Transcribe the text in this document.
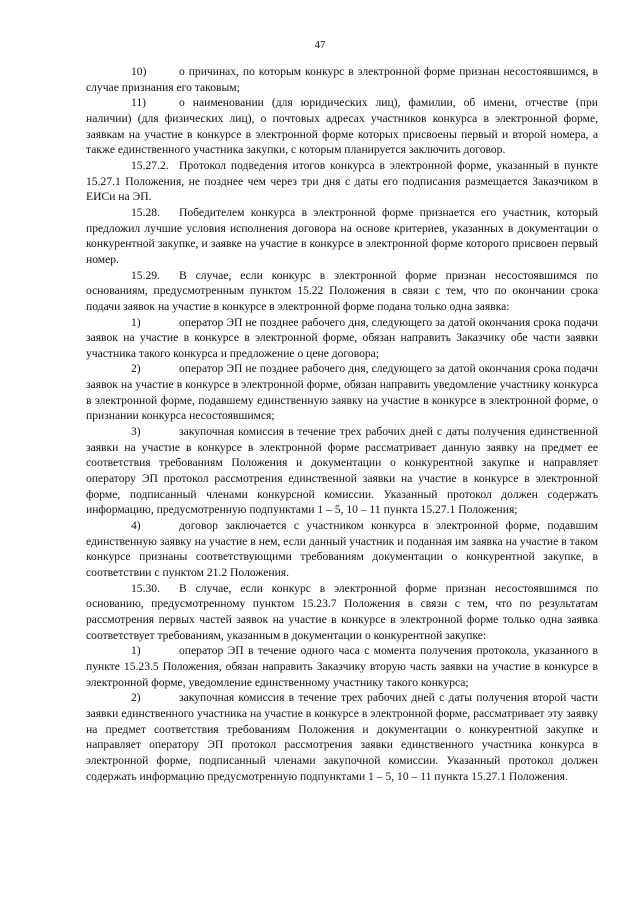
47

10)	о причинах, по которым конкурс в электронной форме признан несостоявшимся, в случае признания его таковым;

11)	о наименовании (для юридических лиц), фамилии, об имени, отчестве (при наличии) (для физических лиц), о почтовых адресах участников конкурса в электронной форме, заявкам на участие в конкурсе в электронной форме которых присвоены первый и второй номера, а также единственного участника закупки, с которым планируется заключить договор.

15.27.2. Протокол подведения итогов конкурса в электронной форме, указанный в пункте 15.27.1 Положения, не позднее чем через три дня с даты его подписания размещается Заказчиком в ЕИСи на ЭП.

15.28. Победителем конкурса в электронной форме признается его участник, который предложил лучшие условия исполнения договора на основе критериев, указанных в документации о конкурентной закупке, и заявке на участие в конкурсе в электронной форме которого присвоен первый номер.

15.29. В случае, если конкурс в электронной форме признан несостоявшимся по основаниям, предусмотренным пунктом 15.22 Положения в связи с тем, что по окончании срока подачи заявок на участие в конкурсе в электронной форме подана только одна заявка:

1)	оператор ЭП не позднее рабочего дня, следующего за датой окончания срока подачи заявок на участие в конкурсе в электронной форме, обязан направить Заказчику обе части заявки участника такого конкурса и предложение о цене договора;

2)	оператор ЭП не позднее рабочего дня, следующего за датой окончания срока подачи заявок на участие в конкурсе в электронной форме, обязан направить уведомление участнику конкурса в электронной форме, подавшему единственную заявку на участие в конкурсе в электронной форме, о признании конкурса несостоявшимся;

3)	закупочная комиссия в течение трех рабочих дней с даты получения единственной заявки на участие в конкурсе в электронной форме рассматривает данную заявку на предмет ее соответствия требованиям Положения и документации о конкурентной закупке и направляет оператору ЭП протокол рассмотрения единственной заявки на участие в конкурсе в электронной форме, подписанный членами конкурсной комиссии. Указанный протокол должен содержать информацию, предусмотренную подпунктами 1 – 5, 10 – 11 пункта 15.27.1 Положения;

4)	договор заключается с участником конкурса в электронной форме, подавшим единственную заявку на участие в нем, если данный участник и поданная им заявка на участие в таком конкурсе признаны соответствующими требованиям документации о конкурентной закупке, в соответствии с пунктом 21.2 Положения.

15.30. В случае, если конкурс в электронной форме признан несостоявшимся по основанию, предусмотренному пунктом 15.23.7 Положения в связи с тем, что по результатам рассмотрения первых частей заявок на участие в конкурсе в электронной форме только одна заявка соответствует требованиям, указанным в документации о конкурентной закупке:

1)	оператор ЭП в течение одного часа с момента получения протокола, указанного в пункте 15.23.5 Положения, обязан направить Заказчику вторую часть заявки на участие в конкурсе в электронной форме, уведомление единственному участнику такого конкурса;

2)	закупочная комиссия в течение трех рабочих дней с даты получения второй части заявки единственного участника на участие в конкурсе в электронной форме, рассматривает эту заявку на предмет соответствия требованиям Положения и документации о конкурентной закупке и направляет оператору ЭП протокол рассмотрения заявки единственного участника конкурса в электронной форме, подписанный членами закупочной комиссии. Указанный протокол должен содержать информацию предусмотренную подпунктами 1 – 5, 10 – 11 пункта 15.27.1 Положения.
